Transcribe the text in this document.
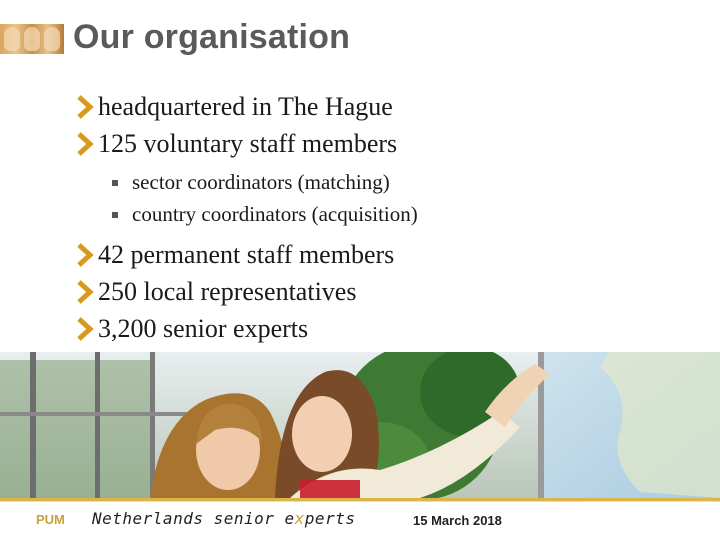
Our organisation
headquartered in The Hague
125 voluntary staff members
sector coordinators (matching)
country coordinators (acquisition)
42 permanent staff members
250 local representatives
3,200 senior experts
PUM Netherlands senior experts	15 March 2018
